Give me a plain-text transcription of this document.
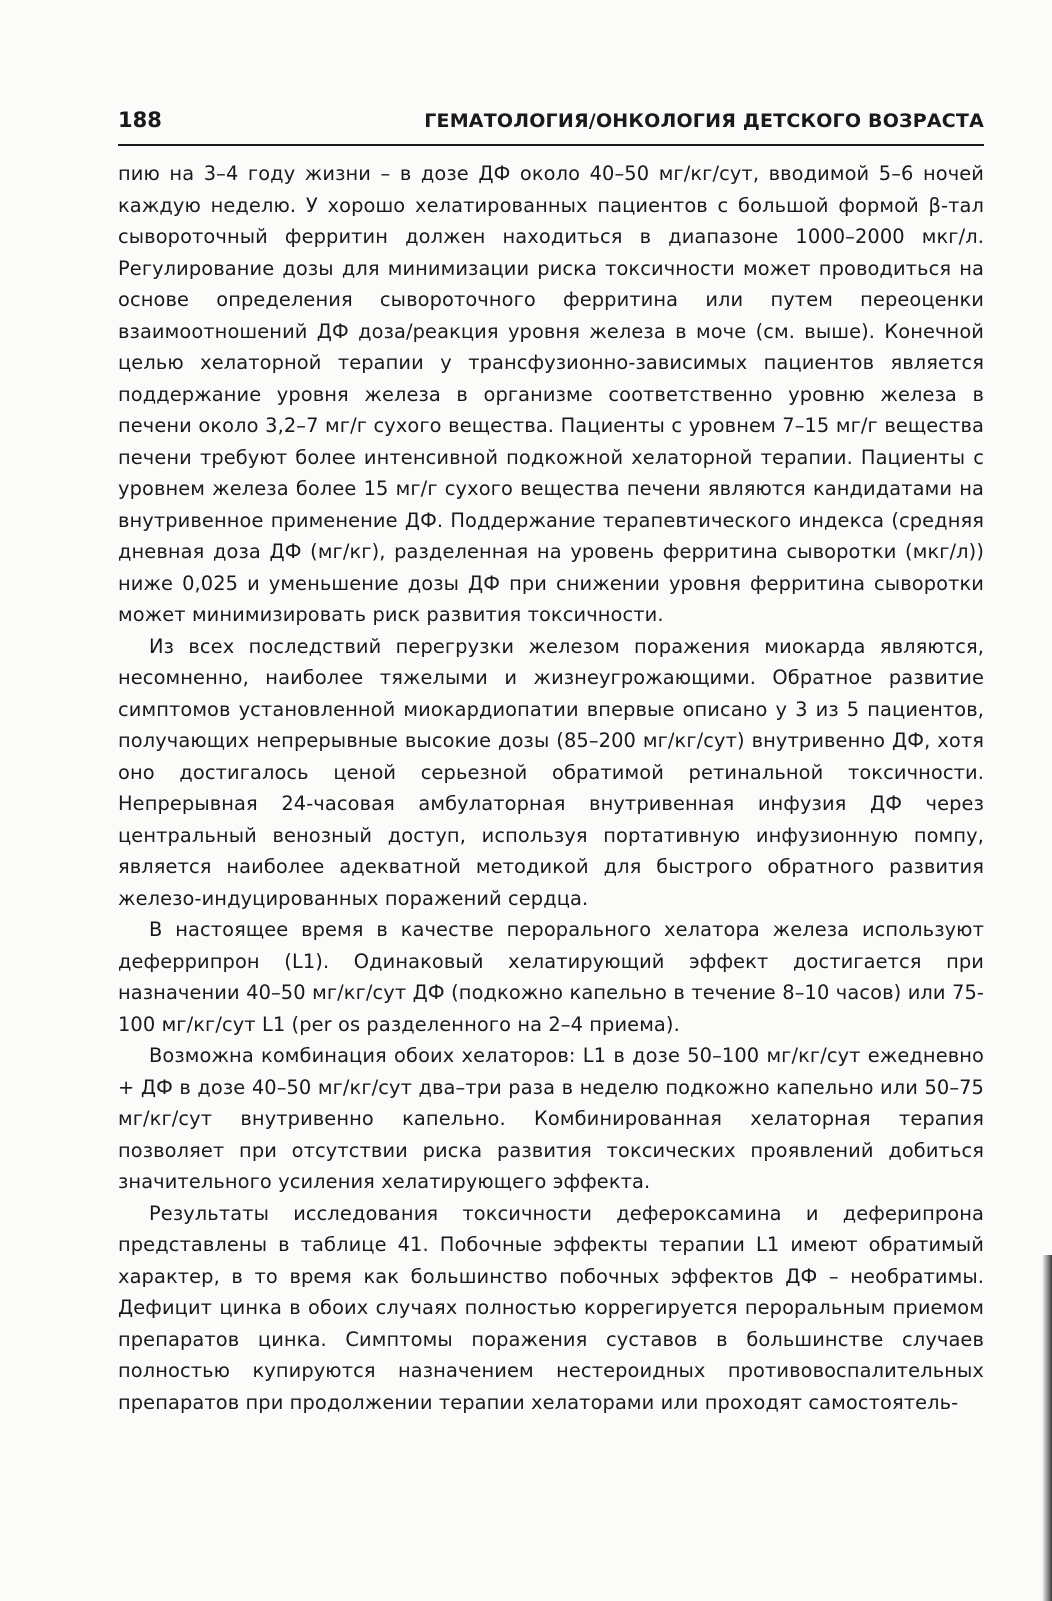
188	ГЕМАТОЛОГИЯ/ОНКОЛОГИЯ ДЕТСКОГО ВОЗРАСТА

пию на 3–4 году жизни – в дозе ДФ около 40–50 мг/кг/сут, вводимой 5–6 ночей каждую неделю. У хорошо хелатированных пациентов с большой формой β-тал сывороточный ферритин должен находиться в диапазоне 1000–2000 мкг/л. Регулирование дозы для минимизации риска токсичности может проводиться на основе определения сывороточного ферритина или путем переоценки взаимоотношений ДФ доза/реакция уровня железа в моче (см. выше). Конечной целью хелаторной терапии у трансфузионно-зависимых пациентов является поддержание уровня железа в организме соответственно уровню железа в печени около 3,2–7 мг/г сухого вещества. Пациенты с уровнем 7–15 мг/г вещества печени требуют более интенсивной подкожной хелаторной терапии. Пациенты с уровнем железа более 15 мг/г сухого вещества печени являются кандидатами на внутривенное применение ДФ. Поддержание терапевтического индекса (средняя дневная доза ДФ (мг/кг), разделенная на уровень ферритина сыворотки (мкг/л)) ниже 0,025 и уменьшение дозы ДФ при снижении уровня ферритина сыворотки может минимизировать риск развития токсичности.

Из всех последствий перегрузки железом поражения миокарда являются, несомненно, наиболее тяжелыми и жизнеугрожающими. Обратное развитие симптомов установленной миокардиопатии впервые описано у 3 из 5 пациентов, получающих непрерывные высокие дозы (85–200 мг/кг/сут) внутривенно ДФ, хотя оно достигалось ценой серьезной обратимой ретинальной токсичности. Непрерывная 24-часовая амбулаторная внутривенная инфузия ДФ через центральный венозный доступ, используя портативную инфузионную помпу, является наиболее адекватной методикой для быстрого обратного развития железо-индуцированных поражений сердца.

В настоящее время в качестве перорального хелатора железа используют деферрипрон (L1). Одинаковый хелатирующий эффект достигается при назначении 40–50 мг/кг/сут ДФ (подкожно капельно в течение 8–10 часов) или 75-100 мг/кг/сут L1 (per os разделенного на 2–4 приема).

Возможна комбинация обоих хелаторов: L1 в дозе 50–100 мг/кг/сут ежедневно + ДФ в дозе 40–50 мг/кг/сут два–три раза в неделю подкожно капельно или 50–75 мг/кг/сут внутривенно капельно. Комбинированная хелаторная терапия позволяет при отсутствии риска развития токсических проявлений добиться значительного усиления хелатирующего эффекта.

Результаты исследования токсичности дефероксамина и деферипрона представлены в таблице 41. Побочные эффекты терапии L1 имеют обратимый характер, в то время как большинство побочных эффектов ДФ – необратимы. Дефицит цинка в обоих случаях полностью коррегируется пероральным приемом препаратов цинка. Симптомы поражения суставов в большинстве случаев полностью купируются назначением нестероидных противовоспалительных препаратов при продолжении терапии хелаторами или проходят самостоятель-
